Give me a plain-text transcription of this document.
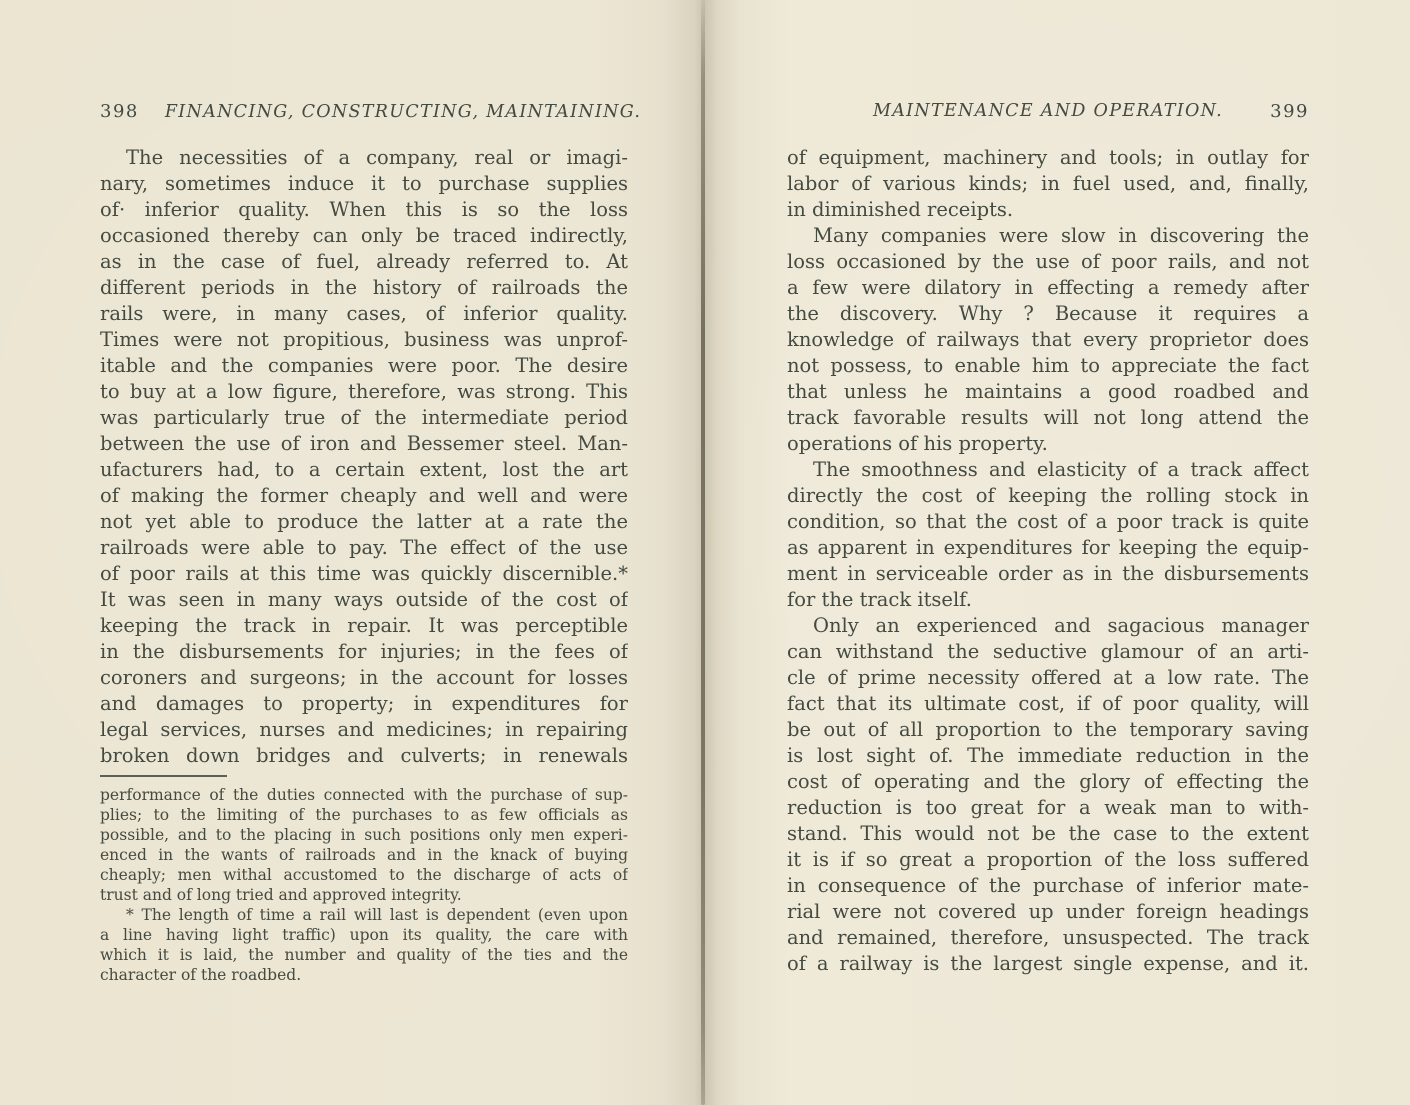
398 FINANCING, CONSTRUCTING, MAINTAINING.
The necessities of a company, real or imagi-
nary, sometimes induce it to purchase supplies
of· inferior quality. When this is so the loss
occasioned thereby can only be traced indirectly,
as in the case of fuel, already referred to. At
different periods in the history of railroads the
rails were, in many cases, of inferior quality.
Times were not propitious, business was unprof-
itable and the companies were poor. The desire
to buy at a low figure, therefore, was strong. This
was particularly true of the intermediate period
between the use of iron and Bessemer steel. Man-
ufacturers had, to a certain extent, lost the art
of making the former cheaply and well and were
not yet able to produce the latter at a rate the
railroads were able to pay. The effect of the use
of poor rails at this time was quickly discernible.*
It was seen in many ways outside of the cost of
keeping the track in repair. It was perceptible
in the disbursements for injuries; in the fees of
coroners and surgeons; in the account for losses
and damages to property; in expenditures for
legal services, nurses and medicines; in repairing
broken down bridges and culverts; in renewals
performance of the duties connected with the purchase of sup-
plies; to the limiting of the purchases to as few officials as
possible, and to the placing in such positions only men experi-
enced in the wants of railroads and in the knack of buying
cheaply; men withal accustomed to the discharge of acts of
trust and of long tried and approved integrity.
* The length of time a rail will last is dependent (even upon
a line having light traffic) upon its quality, the care with
which it is laid, the number and quality of the ties and the
character of the roadbed.
MAINTENANCE AND OPERATION.	399
of equipment, machinery and tools; in outlay for
labor of various kinds; in fuel used, and, finally,
in diminished receipts.
Many companies were slow in discovering the
loss occasioned by the use of poor rails, and not
a few were dilatory in effecting a remedy after
the discovery. Why ? Because it requires a
knowledge of railways that every proprietor does
not possess, to enable him to appreciate the fact
that unless he maintains a good roadbed and
track favorable results will not long attend the
operations of his property.
The smoothness and elasticity of a track affect
directly the cost of keeping the rolling stock in
condition, so that the cost of a poor track is quite
as apparent in expenditures for keeping the equip-
ment in serviceable order as in the disbursements
for the track itself.
Only an experienced and sagacious manager
can withstand the seductive glamour of an arti-
cle of prime necessity offered at a low rate. The
fact that its ultimate cost, if of poor quality, will
be out of all proportion to the temporary saving
is lost sight of. The immediate reduction in the
cost of operating and the glory of effecting the
reduction is too great for a weak man to with-
stand. This would not be the case to the extent
it is if so great a proportion of the loss suffered
in consequence of the purchase of inferior mate-
rial were not covered up under foreign headings
and remained, therefore, unsuspected. The track
of a railway is the largest single expense, and it.
